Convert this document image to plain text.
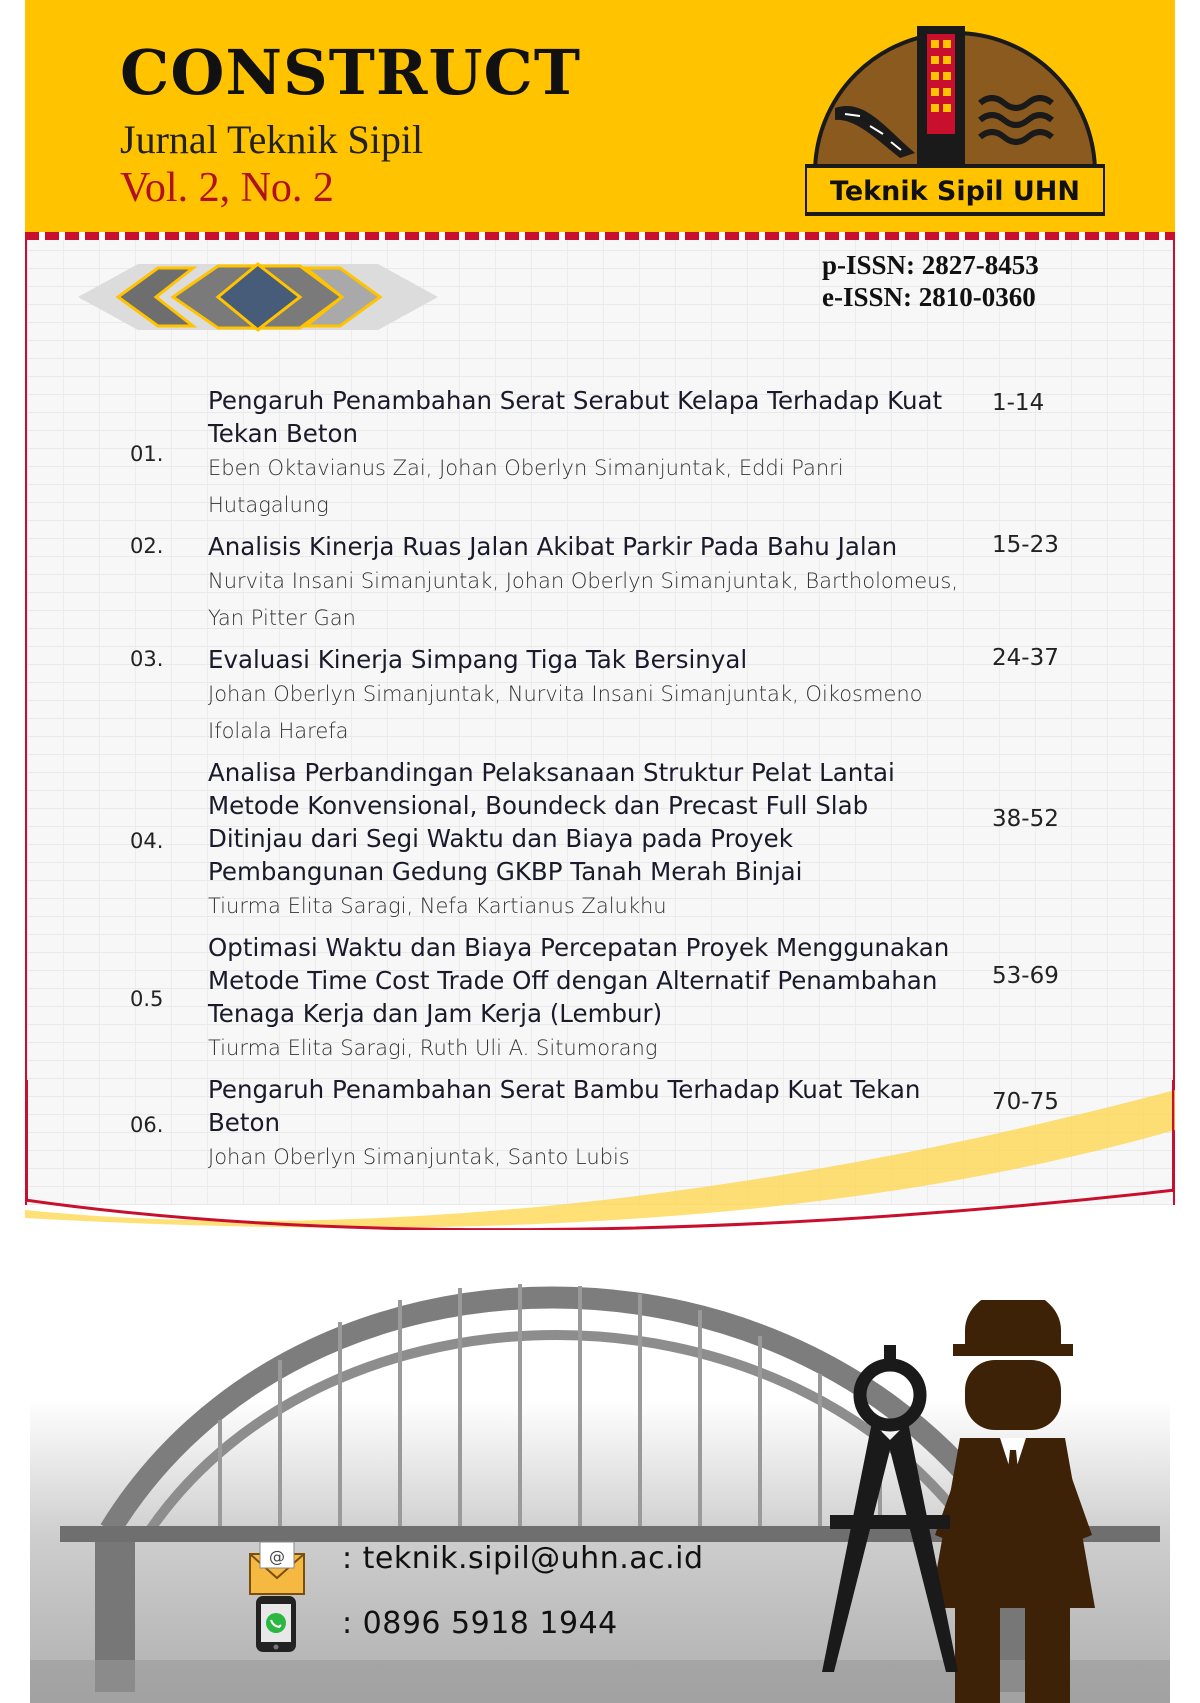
CONSTRUCT
Jurnal Teknik Sipil
Vol. 2, No. 2	Teknik Sipil UHN
p-ISSN: 2827-8453
e-ISSN: 2810-0360
01.
Pengaruh Penambahan Serat Serabut Kelapa Terhadap Kuat Tekan Beton
Eben Oktavianus Zai, Johan Oberlyn Simanjuntak, Eddi Panri Hutagalung
1-14
02.	Analisis Kinerja Ruas Jalan Akibat Parkir Pada Bahu Jalan
Nurvita Insani Simanjuntak, Johan Oberlyn Simanjuntak, Bartholomeus, Yan Pitter Gan
15-23
03.	Evaluasi Kinerja Simpang Tiga Tak Bersinyal
Johan Oberlyn Simanjuntak, Nurvita Insani Simanjuntak, Oikosmeno Ifolala Harefa
24-37
04.
Analisa Perbandingan Pelaksanaan Struktur Pelat Lantai Metode Konvensional, Boundeck dan Precast Full Slab Ditinjau dari Segi Waktu dan Biaya pada Proyek Pembangunan Gedung GKBP Tanah Merah Binjai
Tiurma Elita Saragi, Nefa Kartianus Zalukhu
38-52
0.5
Optimasi Waktu dan Biaya Percepatan Proyek Menggunakan Metode Time Cost Trade Off dengan Alternatif Penambahan Tenaga Kerja dan Jam Kerja (Lembur)
Tiurma Elita Saragi, Ruth Uli A. Situmorang
53-69
06.
Pengaruh Penambahan Serat Bambu Terhadap Kuat Tekan Beton
Johan Oberlyn Simanjuntak, Santo Lubis
70-75
@ : teknik.sipil@uhn.ac.id
: 0896 5918 1944
